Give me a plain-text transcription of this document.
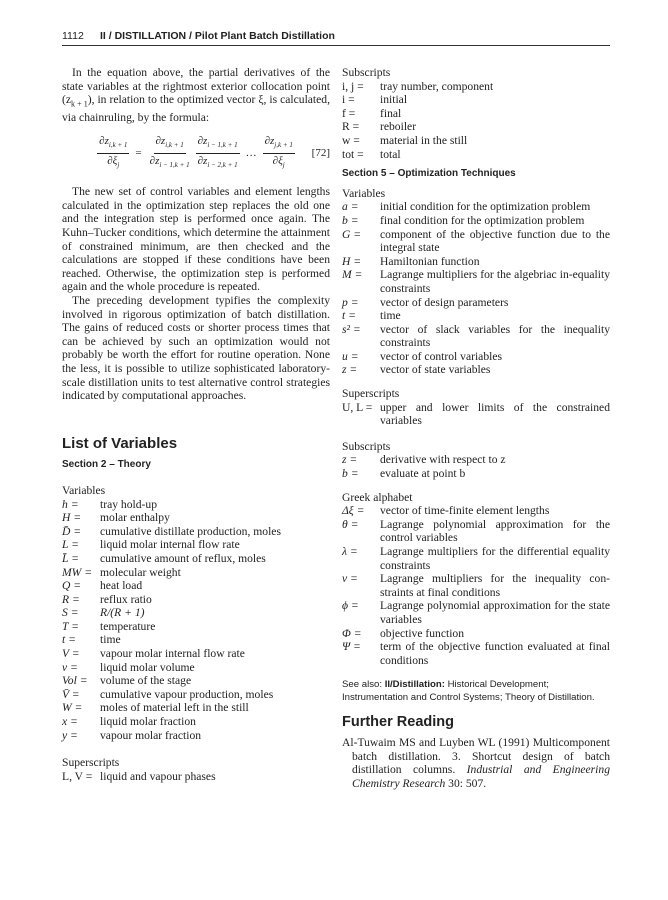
1112 II / DISTILLATION / Pilot Plant Batch Distillation

In the equation above, the partial derivatives of the state variables at the rightmost exterior collocation point $(z_{k + 1})$, in relation to the optimized vector ξ, is calculated, via chainruling, by the formula:

$\frac{\partial z_{i,k + 1}}{\partial\xi_j} = \frac{\partial z_{i,k + 1}}{\partial z_{i - 1,k + 1}} \frac{\partial z_{i - 1,k + 1}}{\partial z_{i - 2,k + 1}}$ … $\frac{\partial z_{j,k + 1}}{\partial\xi_j} [72]$

The new set of control variables and element lengths calculated in the optimization step replaces the old one and the integration step is performed once again. The Kuhn–Tucker conditions, which determine the attainment of constrained minimum, are then checked and the calculations are stopped if these conditions have been reached. Otherwise, the optimization step is performed again and the whole procedure is repeated.

The preceding development typifies the complexity involved in rigorous optimization of batch distillation. The gains of reduced costs or shorter process times that can be achieved by such an optimization would not probably be worth the effort for routine operation. None the less, it is possible to utilize sophisticated laboratory-scale distillation units to test alternative control strategies indicated by computational approaches.

List of Variables
Section 2 – Theory
Variables
h =	tray hold-up
H =	molar enthalpy
D̄ =	cumulative distillate production, moles
L =	liquid molar internal flow rate
L̄ =	cumulative amount of reflux, moles
MW = molecular weight
Q =	heat load
R =	reflux ratio
S =	R/(R + 1)
T =	temperature
t =	time
V =	vapour molar internal flow rate
v =	liquid molar volume
Vol =	volume of the stage
V̄ =	cumulative vapour production, moles
W =	moles of material left in the still
x =	liquid molar fraction
y =	vapour molar fraction
Superscripts
L, V = liquid and vapour phases
Subscripts
i, j =	tray number, component
i =	initial
f =	final
R =	reboiler
w =	material in the still
tot =	total
Section 5 – Optimization Techniques
Variables
a =	initial condition for the optimization problem
b =	final condition for the optimization problem
G =	component of the objective function due to the integral state
H =	Hamiltonian function
M =	Lagrange multipliers for the algebriac in-equality constraints
p =	vector of design parameters
t =	time
s² =	vector of slack variables for the inequality constraints
u =	vector of control variables
z =	vector of state variables
Superscripts
U, L = upper and lower limits of the constrained variables
Subscripts
z =	derivative with respect to z
b =	evaluate at point b
Greek alphabet
Δξ =	vector of time-finite element lengths
θ =	Lagrange polynomial approximation for the control variables
λ =	Lagrange multipliers for the differential equality constraints
ν =	Lagrange multipliers for the inequality con-straints at final conditions
ϕ =	Lagrange polynomial approximation for the state variables
Φ =	objective function
Ψ =	term of the objective function evaluated at final conditions

See also: II/Distillation: Historical Development; Instrumentation and Control Systems; Theory of Distillation.

Further Reading

Al-Tuwaim MS and Luyben WL (1991) Multicomponent batch distillation. 3. Shortcut design of batch distillation columns. Industrial and Engineering Chemistry Research 30: 507.
